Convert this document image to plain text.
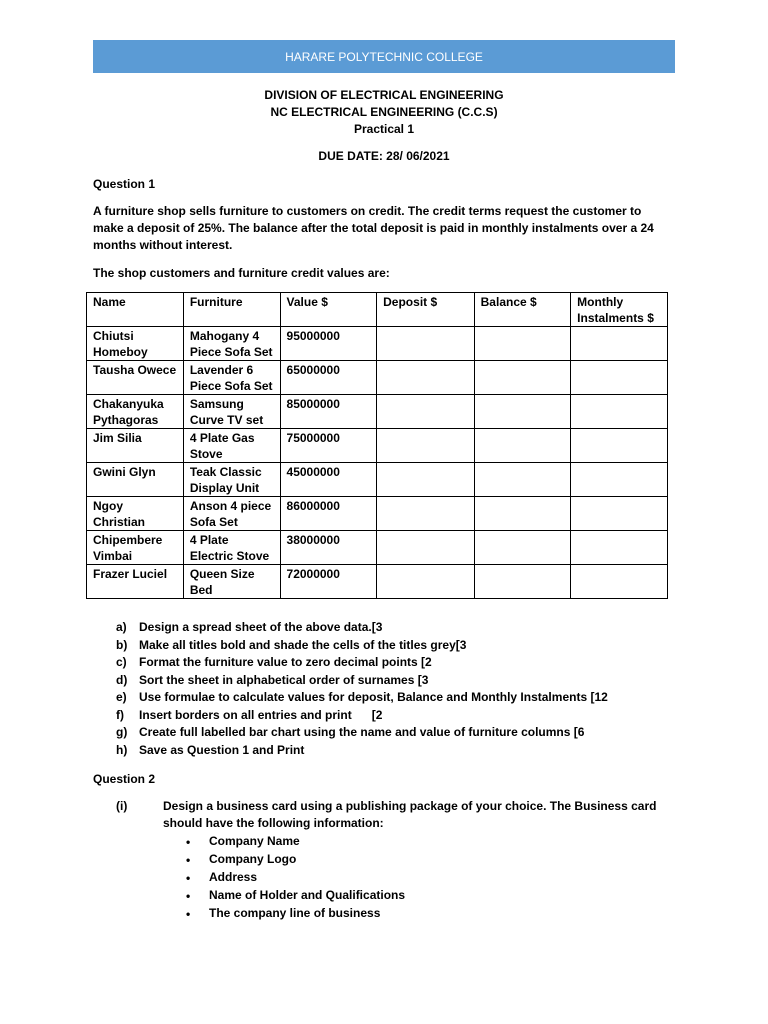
HARARE POLYTECHNIC COLLEGE
DIVISION OF ELECTRICAL ENGINEERING
NC ELECTRICAL ENGINEERING (C.C.S)
Practical 1
DUE DATE: 28/ 06/2021
Question 1
A furniture shop sells furniture to customers on credit. The credit terms request the customer to
make a deposit of 25%. The balance after the total deposit is paid in monthly instalments over a 24
months without interest.
The shop customers and furniture credit values are:
Name	Furniture	Value $	Deposit $	Balance $	Monthly Instalments $
Chiutsi Homeboy	Mahogany 4 Piece Sofa Set	95000000			
Tausha Owece	Lavender 6 Piece Sofa Set	65000000			
Chakanyuka Pythagoras	Samsung Curve TV set	85000000			
Jim Silia	4 Plate Gas Stove	75000000			
Gwini Glyn	Teak Classic Display Unit	45000000			
Ngoy Christian	Anson 4 piece Sofa Set	86000000			
Chipembere Vimbai	4 Plate Electric Stove	38000000			
Frazer Luciel	Queen Size Bed	72000000			
a)	Design a spread sheet of the above data.[3
b) Make all titles bold and shade the cells of the titles grey[3
c)	Format the furniture value to zero decimal points [2
d) Sort the sheet in alphabetical order of surnames [3
e)	Use formulae to calculate values for deposit, Balance and Monthly Instalments [12
f)	Insert borders on all entries and print      [2
g) Create full labelled bar chart using the name and value of furniture columns [6
h) Save as Question 1 and Print
Question 2
(i)	Design a business card using a publishing package of your choice. The Business card
should have the following information:
•	Company Name
•	Company Logo
•	Address
•	Name of Holder and Qualifications
•	The company line of business
